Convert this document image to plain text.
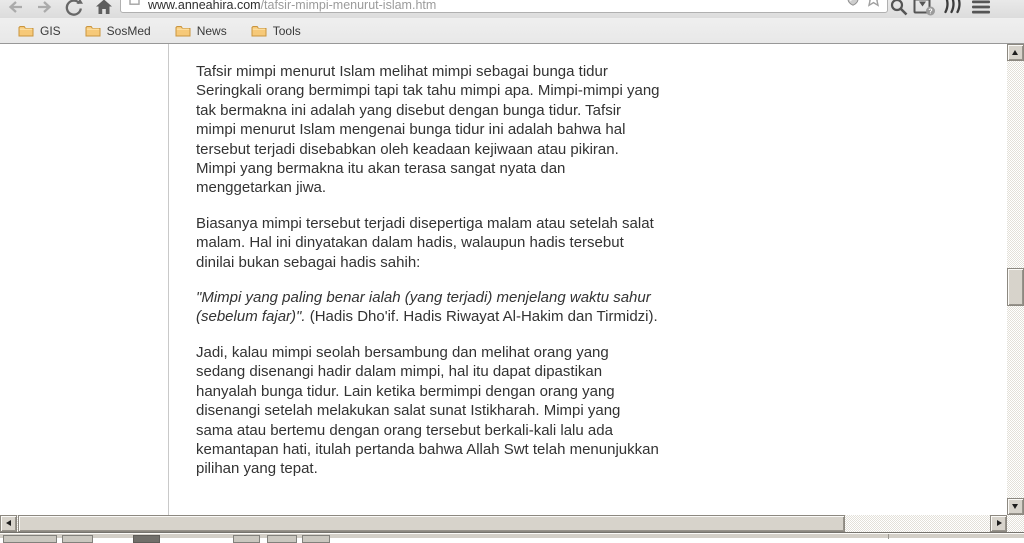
www.anneahira.com/tafsir-mimpi-menurut-islam.htm	?
GIS	SosMed	News	Tools

Tafsir mimpi menurut Islam melihat mimpi sebagai bunga tidur Seringkali orang bermimpi tapi tak tahu mimpi apa. Mimpi-mimpi yang tak bermakna ini adalah yang disebut dengan bunga tidur. Tafsir mimpi menurut Islam mengenai bunga tidur ini adalah bahwa hal tersebut terjadi disebabkan oleh keadaan kejiwaan atau pikiran. Mimpi yang bermakna itu akan terasa sangat nyata dan menggetarkan jiwa.

Biasanya mimpi tersebut terjadi disepertiga malam atau setelah salat malam. Hal ini dinyatakan dalam hadis, walaupun hadis tersebut dinilai bukan sebagai hadis sahih:

"Mimpi yang paling benar ialah (yang terjadi) menjelang waktu sahur (sebelum fajar)". (Hadis Dho'if. Hadis Riwayat Al-Hakim dan Tirmidzi).

Jadi, kalau mimpi seolah bersambung dan melihat orang yang sedang disenangi hadir dalam mimpi, hal itu dapat dipastikan hanyalah bunga tidur. Lain ketika bermimpi dengan orang yang disenangi setelah melakukan salat sunat Istikharah. Mimpi yang sama atau bertemu dengan orang tersebut berkali-kali lalu ada kemantapan hati, itulah pertanda bahwa Allah Swt telah menunjukkan pilihan yang tepat.
